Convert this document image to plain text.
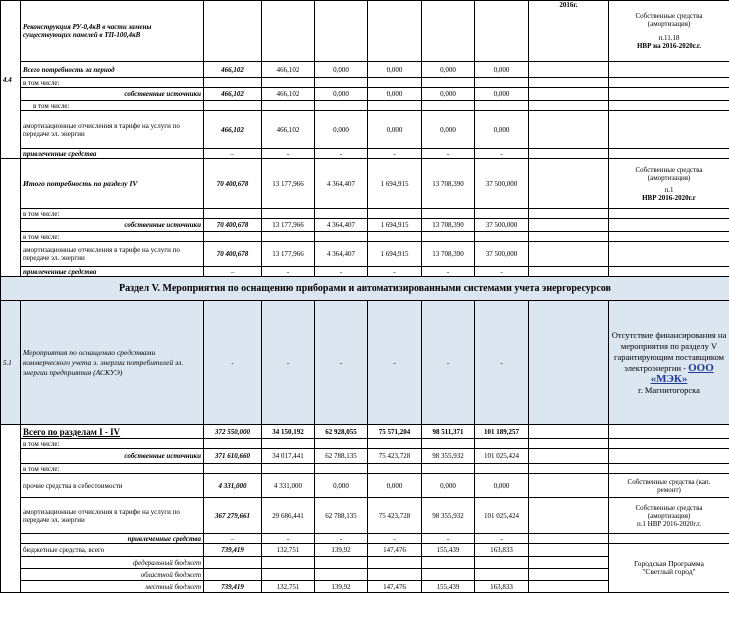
4.4	Реконструкция РУ-0,4кВ в части замены существующих панелей в ТП-100,4кВ							2016г.	Собственные средства
(амортизация)
п.11.18
НВР на 2016-2020г.г.

	Всего потребность за период	466,102	466,102	0,000	0,000	0,000	0,000		
	в том числе:								
	собственные источники	466,102	466,102	0,000	0,000	0,000	0,000		
	в том числе:								
	амортизационные отчисления в тарифе на услуги по передаче эл. энергии	466,102	466,102	0,000	0,000	0,000	0,000		
	привлеченные средства	–	-	-	-	-	-		
	Итого потребность по разделу IV	70 400,678	13 177,966	4 364,407	1 694,915	13 708,390	37 500,000		Собственные средства
(амортизация)
п.1
НВР 2016-2020г.г

	в том числе:								
	собственные источники	70 400,678	13 177,966	4 364,407	1 694,915	13 708,390	37 500,000		
	в том числе:								
	амортизационные отчисления в тарифе на услуги по передаче эл. энергии	70 400,678	13 177,966	4 364,407	1 694,915	13 708,390	37 500,000		
	привлеченные средства	–	-	-	-	-	-		
Раздел V. Мероприятия по оснащению приборами и автоматизированными системами учета энергоресурсов									
5.1	Мероприятия по оснащению средствами коммерческого учета э. энергии потребителей эл. энергии предприятия (АСКУЭ)	-	-	-	-	-	-		Отсутствие финансирования на мероприятия по разделу V гарантирующим поставщиком электроэнергии - ООО «МЭК»
г. Магнитогорска
	Всего по разделам I - IV	372 550,000	34 150,192	62 928,055	75 571,204	98 511,371	101 189,257		
	в том числе:								
	собственные источники	371 610,660	34 017,441	62 788,135	75 423,728	98 355,932	101 025,424		
	в том числе:								
	прочие средства в себестоимости	4 331,000	4 331,000	0,000	0,000	0,000	0,000		Собственные средства (кап.
ремонт)

	амортизационные отчисления в тарифе на услуги по передаче эл. энергии	367 279,661	29 686,441	62 788,135	75 423,728	98 355,932	101 025,424		Собственные средства
(амортизация)
п.1 НВР 2016-2020г.г.

	привлеченные средства	–	-	-	-	-	-		
	бюджетные средства, всего	739,419	132,751	139,92	147,476	155,439	163,833		Городская Программа
"Светлый город"

	федеральный бюджет								
	областной бюджет								
	местный бюджет	739,419	132,751	139,92	147,476	155,439	163,833		
